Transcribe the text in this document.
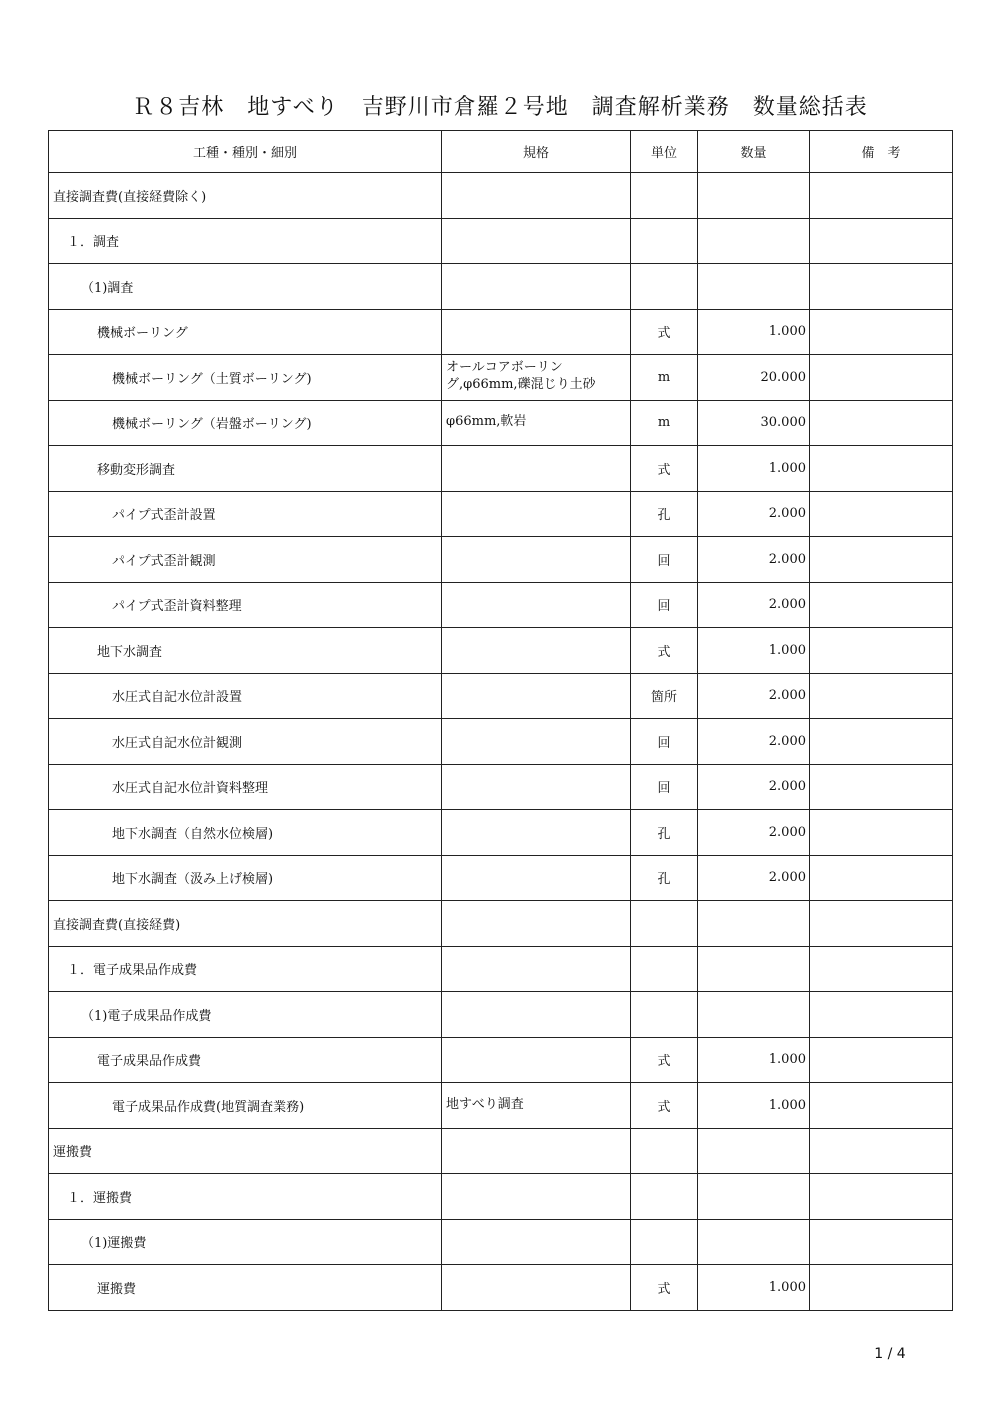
Ｒ８吉林　地すべり　吉野川市倉羅２号地　調査解析業務　数量総括表
工種・種別・細別	規格	単位	数量	備　考
直接調査費(直接経費除く)				
１．調査				
（1)調査				
機械ボーリング		式	1.000	
機械ボーリング（土質ボーリング)	オールコアボーリング,φ66mm,礫混じり土砂	m	20.000	
機械ボーリング（岩盤ボーリング)	φ66mm,軟岩	m	30.000	
移動変形調査		式	1.000	
パイプ式歪計設置		孔	2.000	
パイプ式歪計観測		回	2.000	
パイプ式歪計資料整理		回	2.000	
地下水調査		式	1.000	
水圧式自記水位計設置		箇所	2.000	
水圧式自記水位計観測		回	2.000	
水圧式自記水位計資料整理		回	2.000	
地下水調査（自然水位検層)		孔	2.000	
地下水調査（汲み上げ検層)		孔	2.000	
直接調査費(直接経費)				
１．電子成果品作成費				
（1)電子成果品作成費				
電子成果品作成費		式	1.000	
電子成果品作成費(地質調査業務)	地すべり調査	式	1.000	
運搬費				
１．運搬費				
（1)運搬費				
運搬費		式	1.000	
1 / 4
